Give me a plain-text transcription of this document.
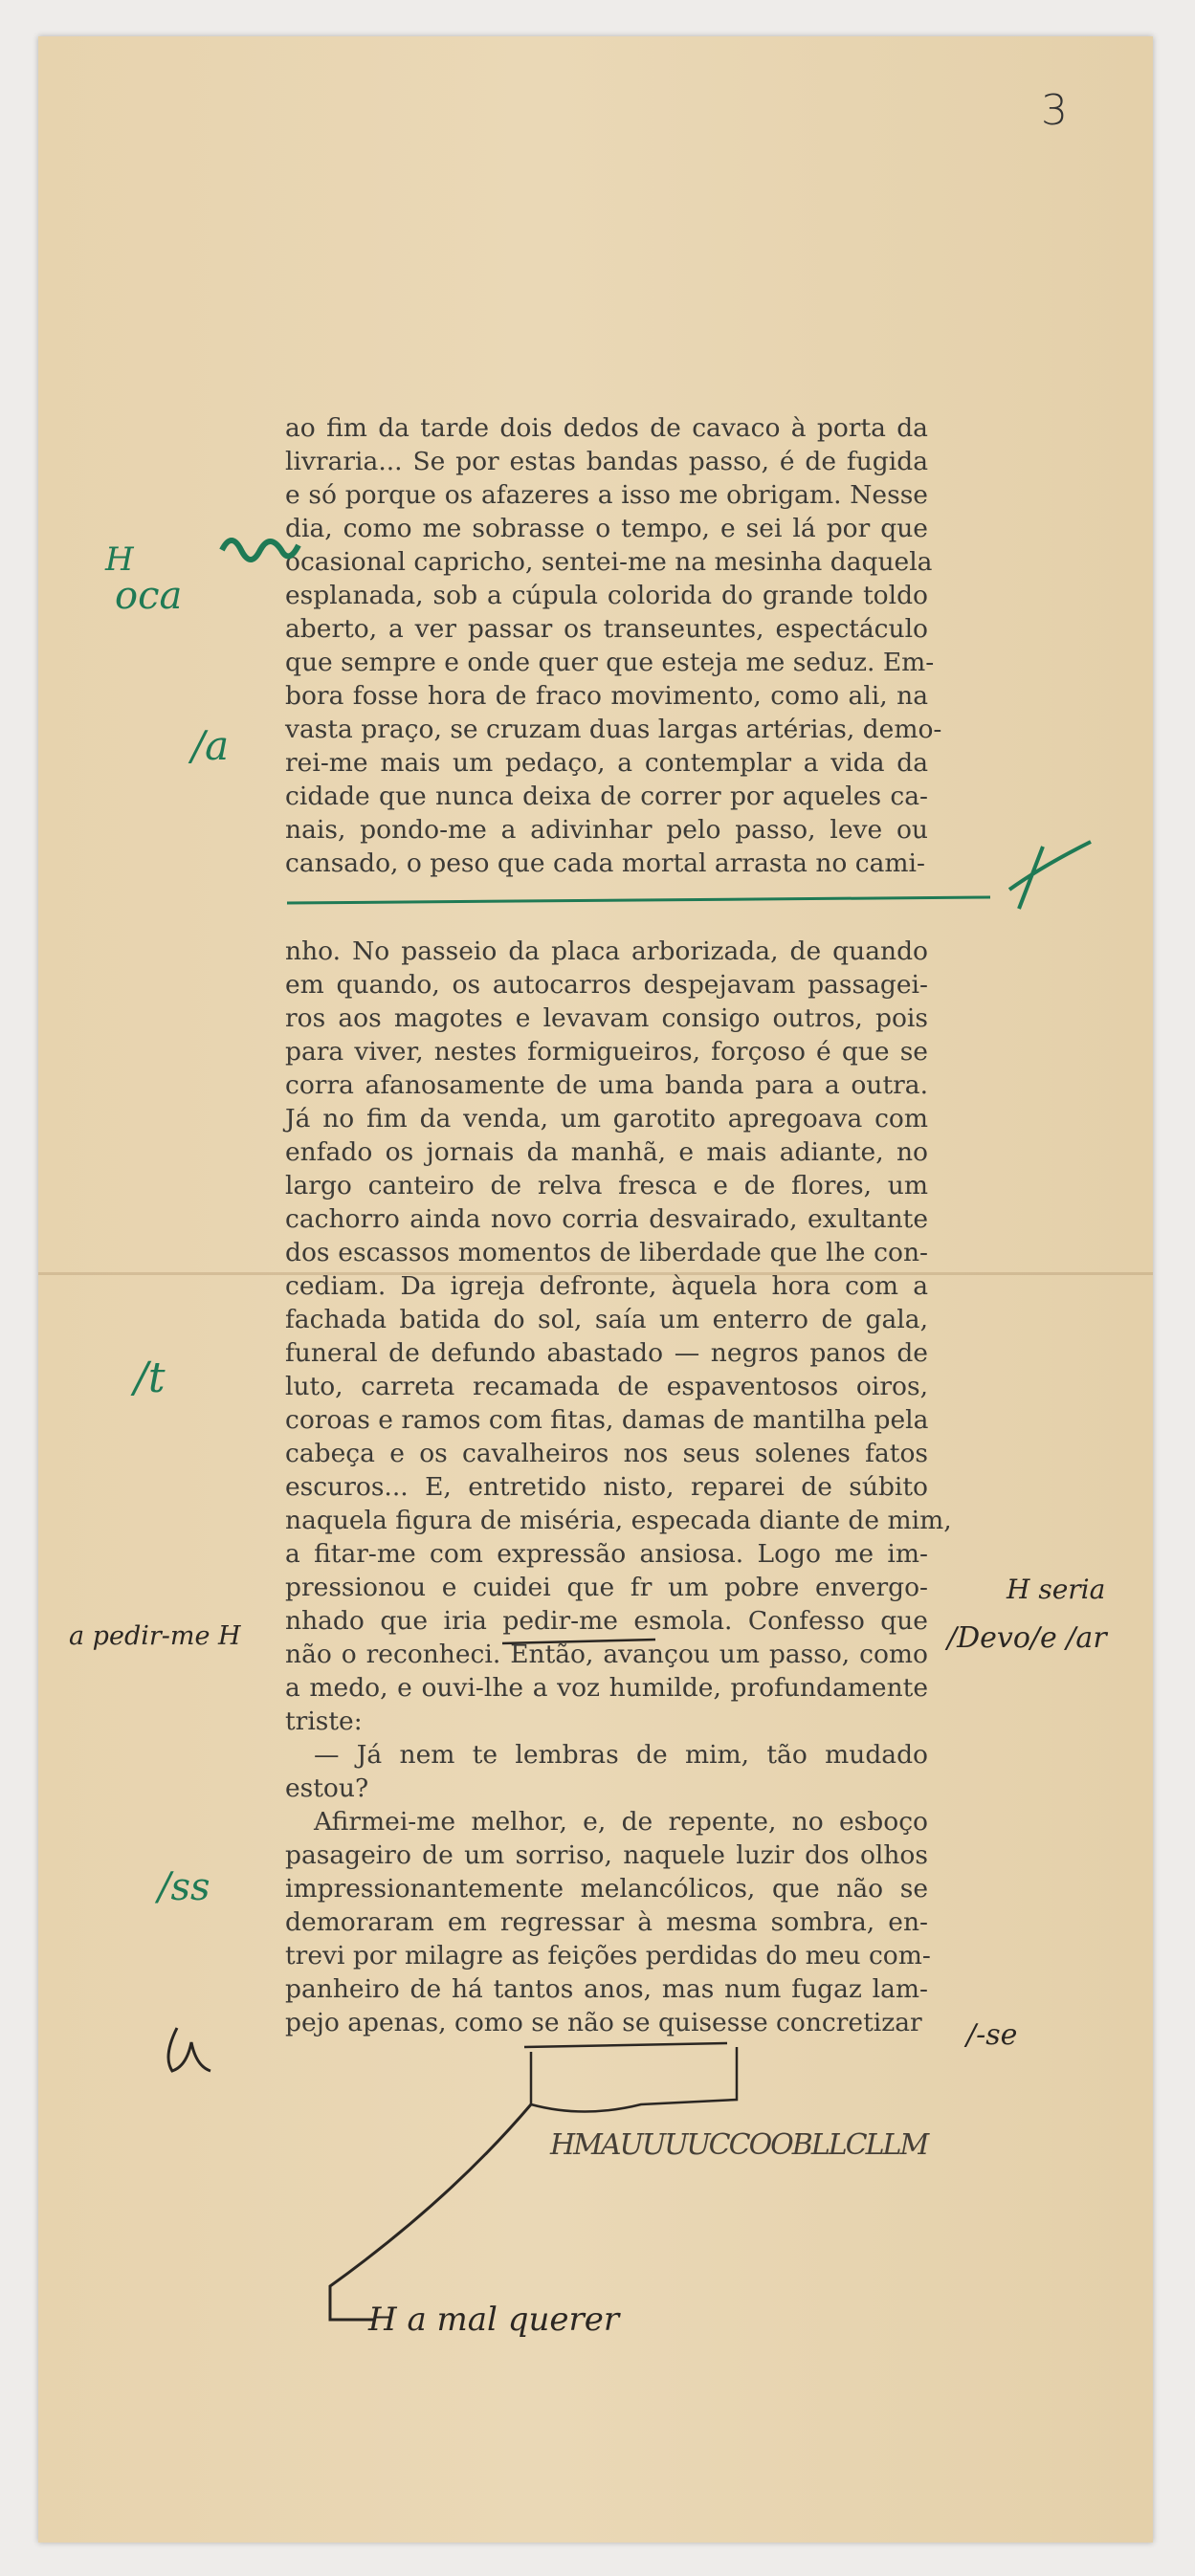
3
ao fim da tarde dois dedos de cavaco à porta da
livraria... Se por estas bandas passo, é de fugida
e só porque os afazeres a isso me obrigam. Nesse
dia, como me sobrasse o tempo, e sei lá por que
ocasional capricho, sentei-me na mesinha daquela
esplanada, sob a cúpula colorida do grande toldo
aberto, a ver passar os transeuntes, espectáculo
que sempre e onde quer que esteja me seduz. Em-
bora fosse hora de fraco movimento, como ali, na
vasta praço, se cruzam duas largas artérias, demo-
rei-me mais um pedaço, a contemplar a vida da
cidade que nunca deixa de correr por aqueles ca-
nais, pondo-me a adivinhar pelo passo, leve ou
cansado, o peso que cada mortal arrasta no cami-
nho. No passeio da placa arborizada, de quando
em quando, os autocarros despejavam passagei-
ros aos magotes e levavam consigo outros, pois
para viver, nestes formigueiros, forçoso é que se
corra afanosamente de uma banda para a outra.
Já no fim da venda, um garotito apregoava com
enfado os jornais da manhã, e mais adiante, no
largo canteiro de relva fresca e de flores, um
cachorro ainda novo corria desvairado, exultante
dos escassos momentos de liberdade que lhe con-
cediam. Da igreja defronte, àquela hora com a
fachada batida do sol, saía um enterro de gala,
funeral de defundo abastado — negros panos de
luto, carreta recamada de espaventosos oiros,
coroas e ramos com fitas, damas de mantilha pela
cabeça e os cavalheiros nos seus solenes fatos
escuros... E, entretido nisto, reparei de súbito
naquela figura de miséria, especada diante de mim,
a fitar-me com expressão ansiosa. Logo me im-
pressionou e cuidei que fr um pobre envergo-
nhado que iria pedir-me esmola. Confesso que
não o reconheci. Então, avançou um passo, como
a medo, e ouvi-lhe a voz humilde, profundamente
triste:
— Já nem te lembras de mim, tão mudado
estou?
Afirmei-me melhor, e, de repente, no esboço
pasageiro de um sorriso, naquele luzir dos olhos
impressionantemente melancólicos, que não se
demoraram em regressar à mesma sombra, en-
trevi por milagre as feições perdidas do meu com-
panheiro de há tantos anos, mas num fugaz lam-
pejo apenas, como se não se quisesse concretizar
H
oca
/a
/t
/ss
a pedir-me H
H seria
/Devo/e /ar
/-se
H a mal querer
HMAUUUUCCOOBLLCLLM
